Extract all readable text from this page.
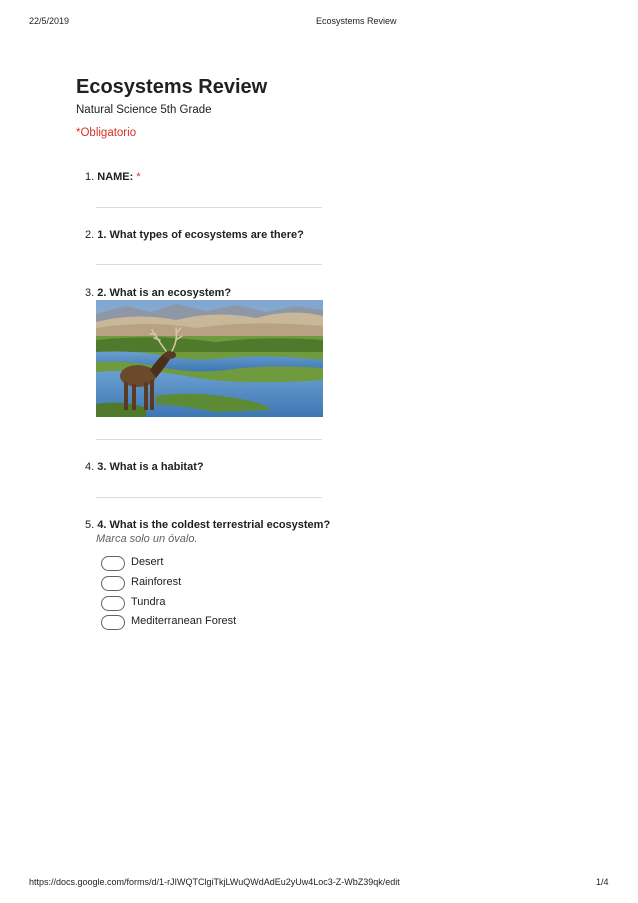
22/5/2019	Ecosystems Review
Ecosystems Review
Natural Science 5th Grade
*Obligatorio
1. NAME: *
2. 1. What types of ecosystems are there?
3. 2. What is an ecosystem?
4. 3. What is a habitat?
5. 4. What is the coldest terrestrial ecosystem?
Marca solo un óvalo.
Desert
Rainforest
Tundra
Mediterranean Forest
https://docs.google.com/forms/d/1-rJIWQTClgiTkjLWuQWdAdEu2yUw4Loc3-Z-WbZ39qk/edit	1/4
